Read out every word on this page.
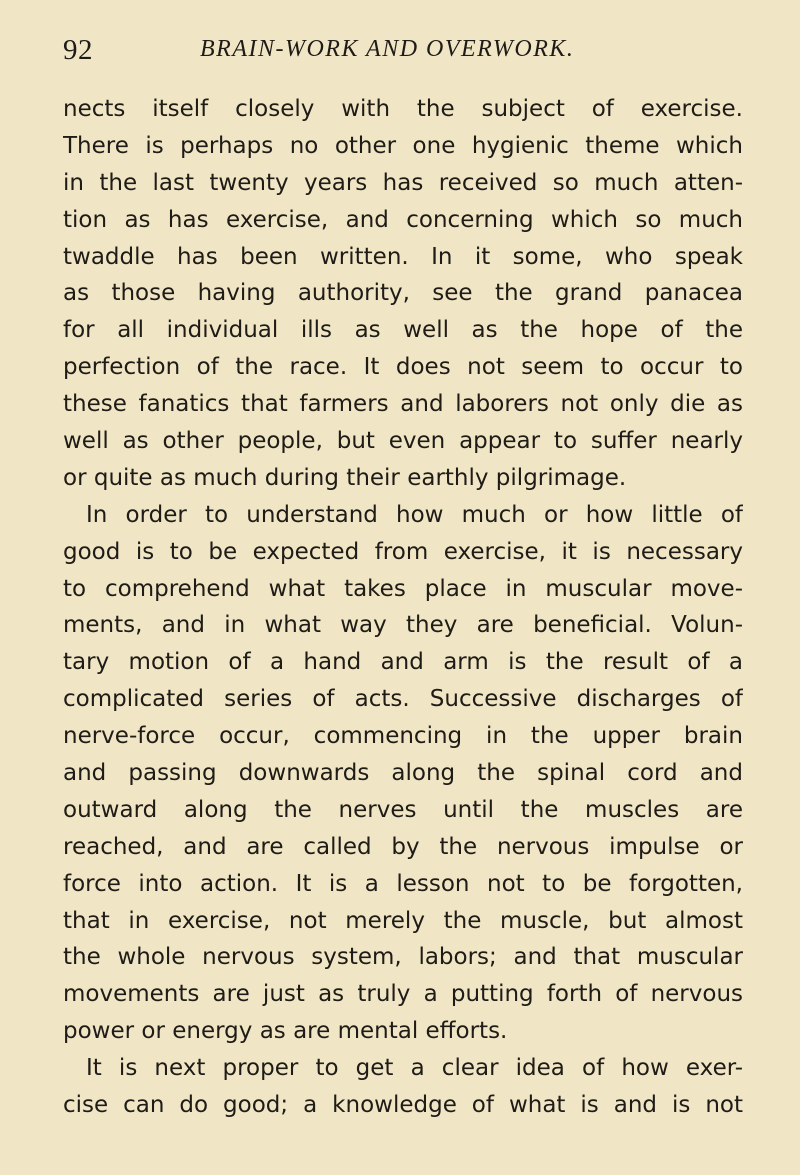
92	BRAIN-WORK AND OVERWORK.
nects itself closely with the subject of exercise.
There is perhaps no other one hygienic theme which
in the last twenty years has received so much atten-
tion as has exercise, and concerning which so much
twaddle has been written. In it some, who speak
as those having authority, see the grand panacea
for all individual ills as well as the hope of the
perfection of the race. It does not seem to occur to
these fanatics that farmers and laborers not only die as
well as other people, but even appear to suffer nearly
or quite as much during their earthly pilgrimage.
In order to understand how much or how little of
good is to be expected from exercise, it is necessary
to comprehend what takes place in muscular move-
ments, and in what way they are beneficial. Volun-
tary motion of a hand and arm is the result of a
complicated series of acts. Successive discharges of
nerve-force occur, commencing in the upper brain
and passing downwards along the spinal cord and
outward along the nerves until the muscles are
reached, and are called by the nervous impulse or
force into action. It is a lesson not to be forgotten,
that in exercise, not merely the muscle, but almost
the whole nervous system, labors; and that muscular
movements are just as truly a putting forth of nervous
power or energy as are mental efforts.
It is next proper to get a clear idea of how exer-
cise can do good; a knowledge of what is and is not
